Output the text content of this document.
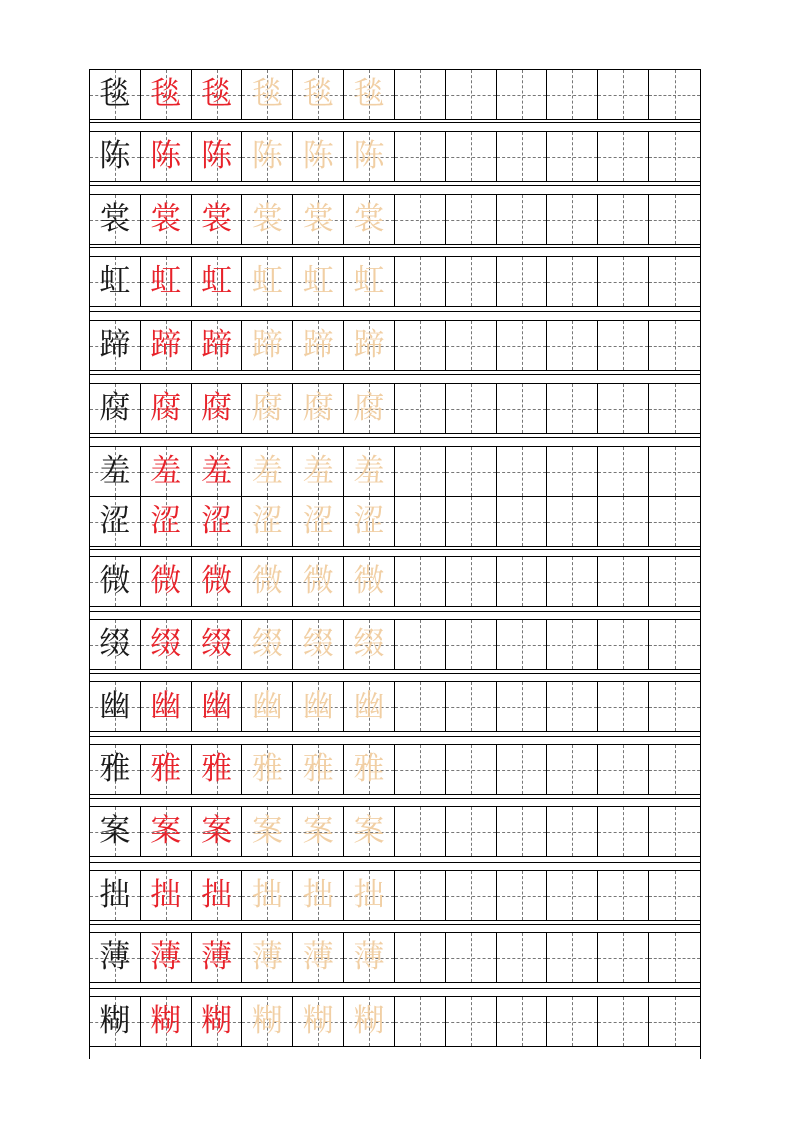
毯 毯 毯 毯 毯 毯
陈 陈 陈 陈 陈 陈
裳 裳 裳 裳 裳 裳
虹 虹 虹 虹 虹 虹
蹄 蹄 蹄 蹄 蹄 蹄
腐 腐 腐 腐 腐 腐
羞 羞 羞 羞 羞 羞
涩 涩 涩 涩 涩 涩
微 微 微 微 微 微
缀 缀 缀 缀 缀 缀
幽 幽 幽 幽 幽 幽
雅 雅 雅 雅 雅 雅
案 案 案 案 案 案
拙 拙 拙 拙 拙 拙
薄 薄 薄 薄 薄 薄
糊 糊 糊 糊 糊 糊
